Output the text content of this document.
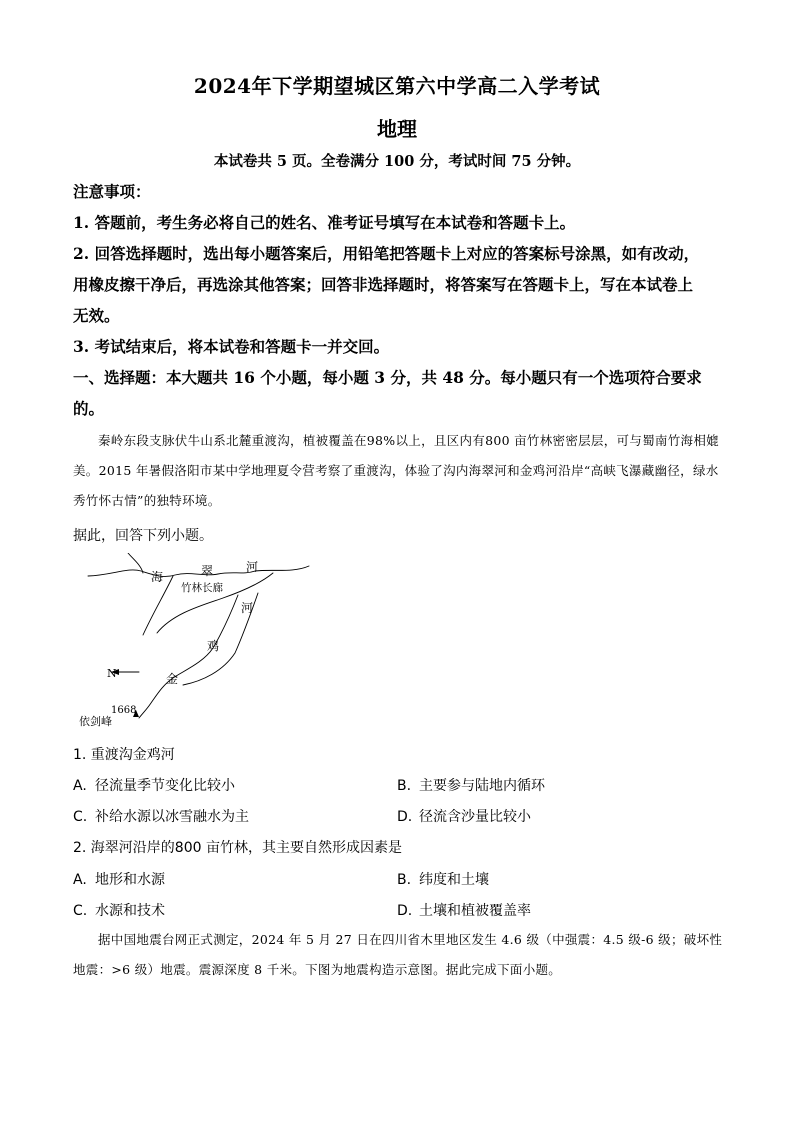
2024年下学期望城区第六中学高二入学考试
地理
本试卷共 5 页。全卷满分 100 分，考试时间 75 分钟。
注意事项：
1. 答题前，考生务必将自己的姓名、准考证号填写在本试卷和答题卡上。
2. 回答选择题时，选出每小题答案后，用铅笔把答题卡上对应的答案标号涂黑，如有改动，
用橡皮擦干净后，再选涂其他答案；回答非选择题时，将答案写在答题卡上，写在本试卷上
无效。
3. 考试结束后，将本试卷和答题卡一并交回。
一、选择题：本大题共 16 个小题，每小题 3 分，共 48 分。每小题只有一个选项符合要求
的。
秦岭东段支脉伏牛山系北麓重渡沟，植被覆盖在98%以上，且区内有800 亩竹林密密层层，可与蜀南竹海相媲美。2015 年暑假洛阳市某中学地理夏令营考察了重渡沟，体验了沟内海翠河和金鸡河沿岸“高峡飞瀑藏幽径，绿水秀竹怀古情”的独特环境。
据此，回答下列小题。
海	翠	河
竹林长廊
河
鸡
金
N
1668
依剑峰
1. 重渡沟金鸡河
A. 径流量季节变化比较小	B. 主要参与陆地内循环
C. 补给水源以冰雪融水为主	D. 径流含沙量比较小
2. 海翠河沿岸的800 亩竹林，其主要自然形成因素是
A. 地形和水源	B. 纬度和土壤
C. 水源和技术	D. 土壤和植被覆盖率
据中国地震台网正式测定，2024 年 5 月 27 日在四川省木里地区发生 4.6 级（中强震：4.5 级-6 级；破坏性地震：>6 级）地震。震源深度 8 千米。下图为地震构造示意图。据此完成下面小题。
